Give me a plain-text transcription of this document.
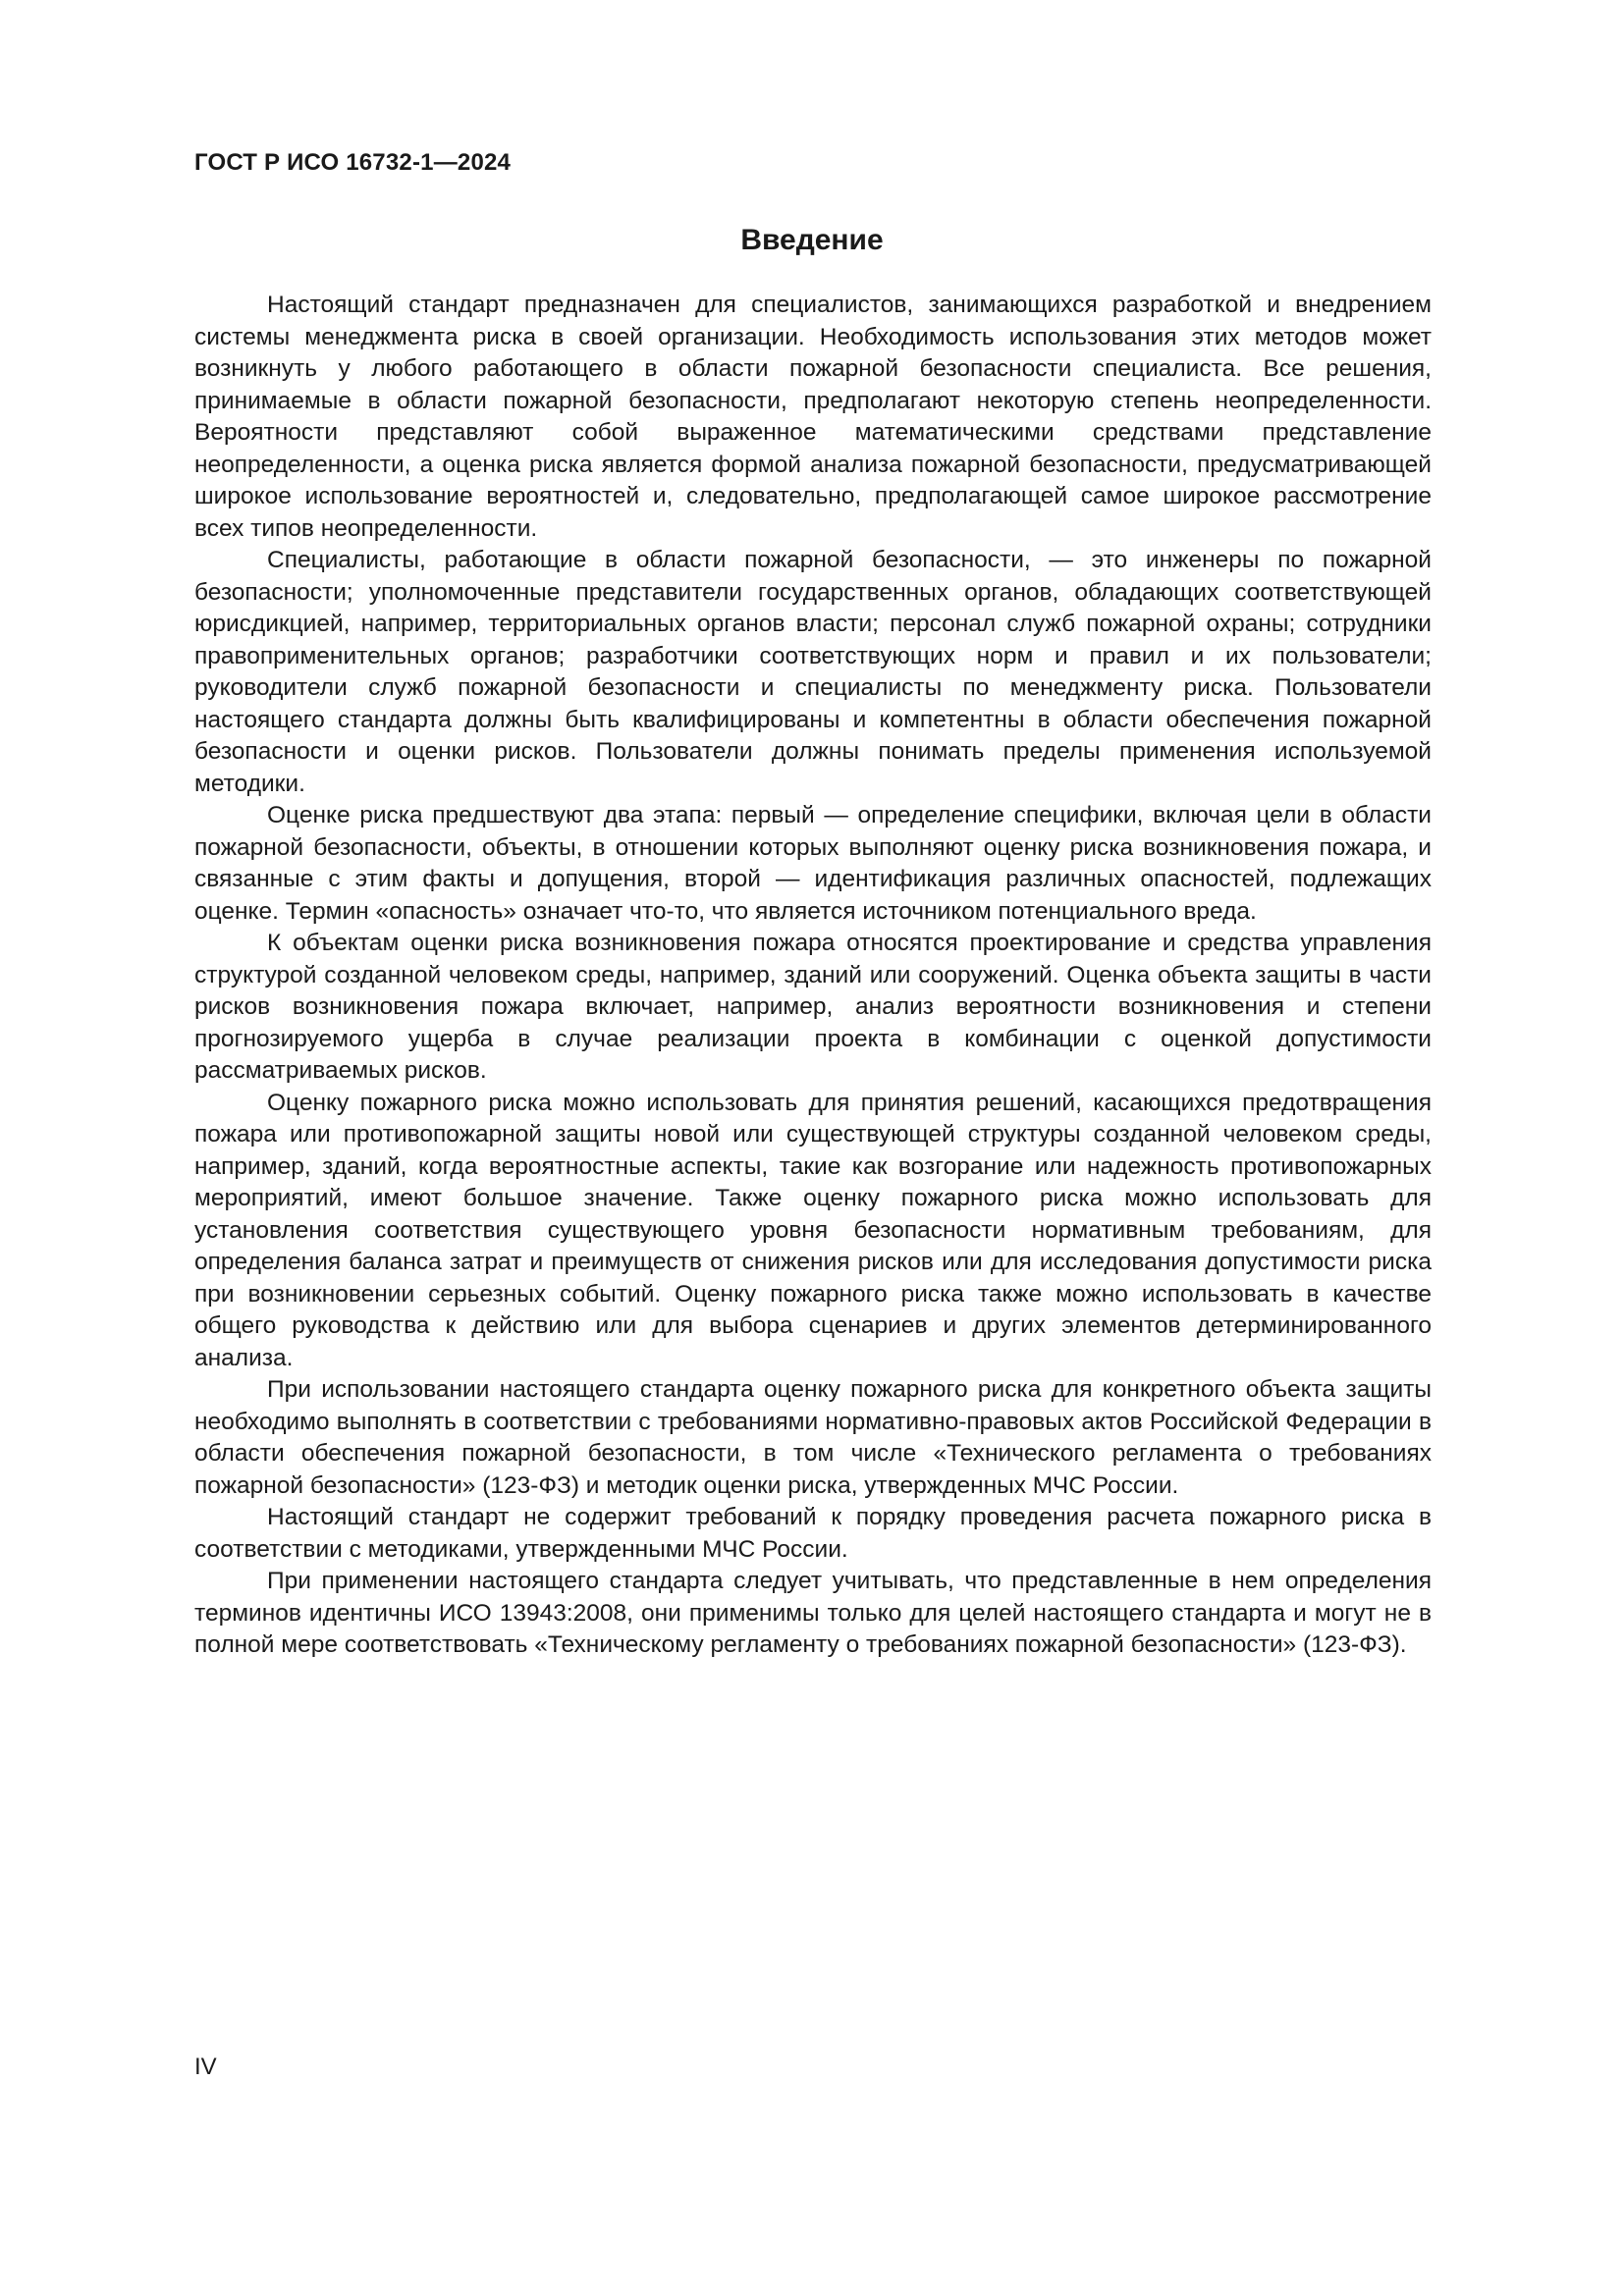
ГОСТ Р ИСО 16732-1—2024
Введение

Настоящий стандарт предназначен для специалистов, занимающихся разработкой и внедрением системы менеджмента риска в своей организации. Необходимость использования этих методов может возникнуть у любого работающего в области пожарной безопасности специалиста. Все решения, принимаемые в области пожарной безопасности, предполагают некоторую степень неопределенности. Вероятности представляют собой выраженное математическими средствами представление неопределенности, а оценка риска является формой анализа пожарной безопасности, предусматривающей широкое использование вероятностей и, следовательно, предполагающей самое широкое рассмотрение всех типов неопределенности.

Специалисты, работающие в области пожарной безопасности, — это инженеры по пожарной безопасности; уполномоченные представители государственных органов, обладающих соответствующей юрисдикцией, например, территориальных органов власти; персонал служб пожарной охраны; сотрудники правоприменительных органов; разработчики соответствующих норм и правил и их пользователи; руководители служб пожарной безопасности и специалисты по менеджменту риска. Пользователи настоящего стандарта должны быть квалифицированы и компетентны в области обеспечения пожарной безопасности и оценки рисков. Пользователи должны понимать пределы применения используемой методики.

Оценке риска предшествуют два этапа: первый — определение специфики, включая цели в области пожарной безопасности, объекты, в отношении которых выполняют оценку риска возникновения пожара, и связанные с этим факты и допущения, второй — идентификация различных опасностей, подлежащих оценке. Термин «опасность» означает что-то, что является источником потенциального вреда.

К объектам оценки риска возникновения пожара относятся проектирование и средства управления структурой созданной человеком среды, например, зданий или сооружений. Оценка объекта защиты в части рисков возникновения пожара включает, например, анализ вероятности возникновения и степени прогнозируемого ущерба в случае реализации проекта в комбинации с оценкой допустимости рассматриваемых рисков.

Оценку пожарного риска можно использовать для принятия решений, касающихся предотвращения пожара или противопожарной защиты новой или существующей структуры созданной человеком среды, например, зданий, когда вероятностные аспекты, такие как возгорание или надежность противопожарных мероприятий, имеют большое значение. Также оценку пожарного риска можно использовать для установления соответствия существующего уровня безопасности нормативным требованиям, для определения баланса затрат и преимуществ от снижения рисков или для исследования допустимости риска при возникновении серьезных событий. Оценку пожарного риска также можно использовать в качестве общего руководства к действию или для выбора сценариев и других элементов детерминированного анализа.

При использовании настоящего стандарта оценку пожарного риска для конкретного объекта защиты необходимо выполнять в соответствии с требованиями нормативно-правовых актов Российской Федерации в области обеспечения пожарной безопасности, в том числе «Технического регламента о требованиях пожарной безопасности» (123-ФЗ) и методик оценки риска, утвержденных МЧС России.

Настоящий стандарт не содержит требований к порядку проведения расчета пожарного риска в соответствии с методиками, утвержденными МЧС России.

При применении настоящего стандарта следует учитывать, что представленные в нем определения терминов идентичны ИСО 13943:2008, они применимы только для целей настоящего стандарта и могут не в полной мере соответствовать «Техническому регламенту о требованиях пожарной безопасности» (123-ФЗ).

IV
